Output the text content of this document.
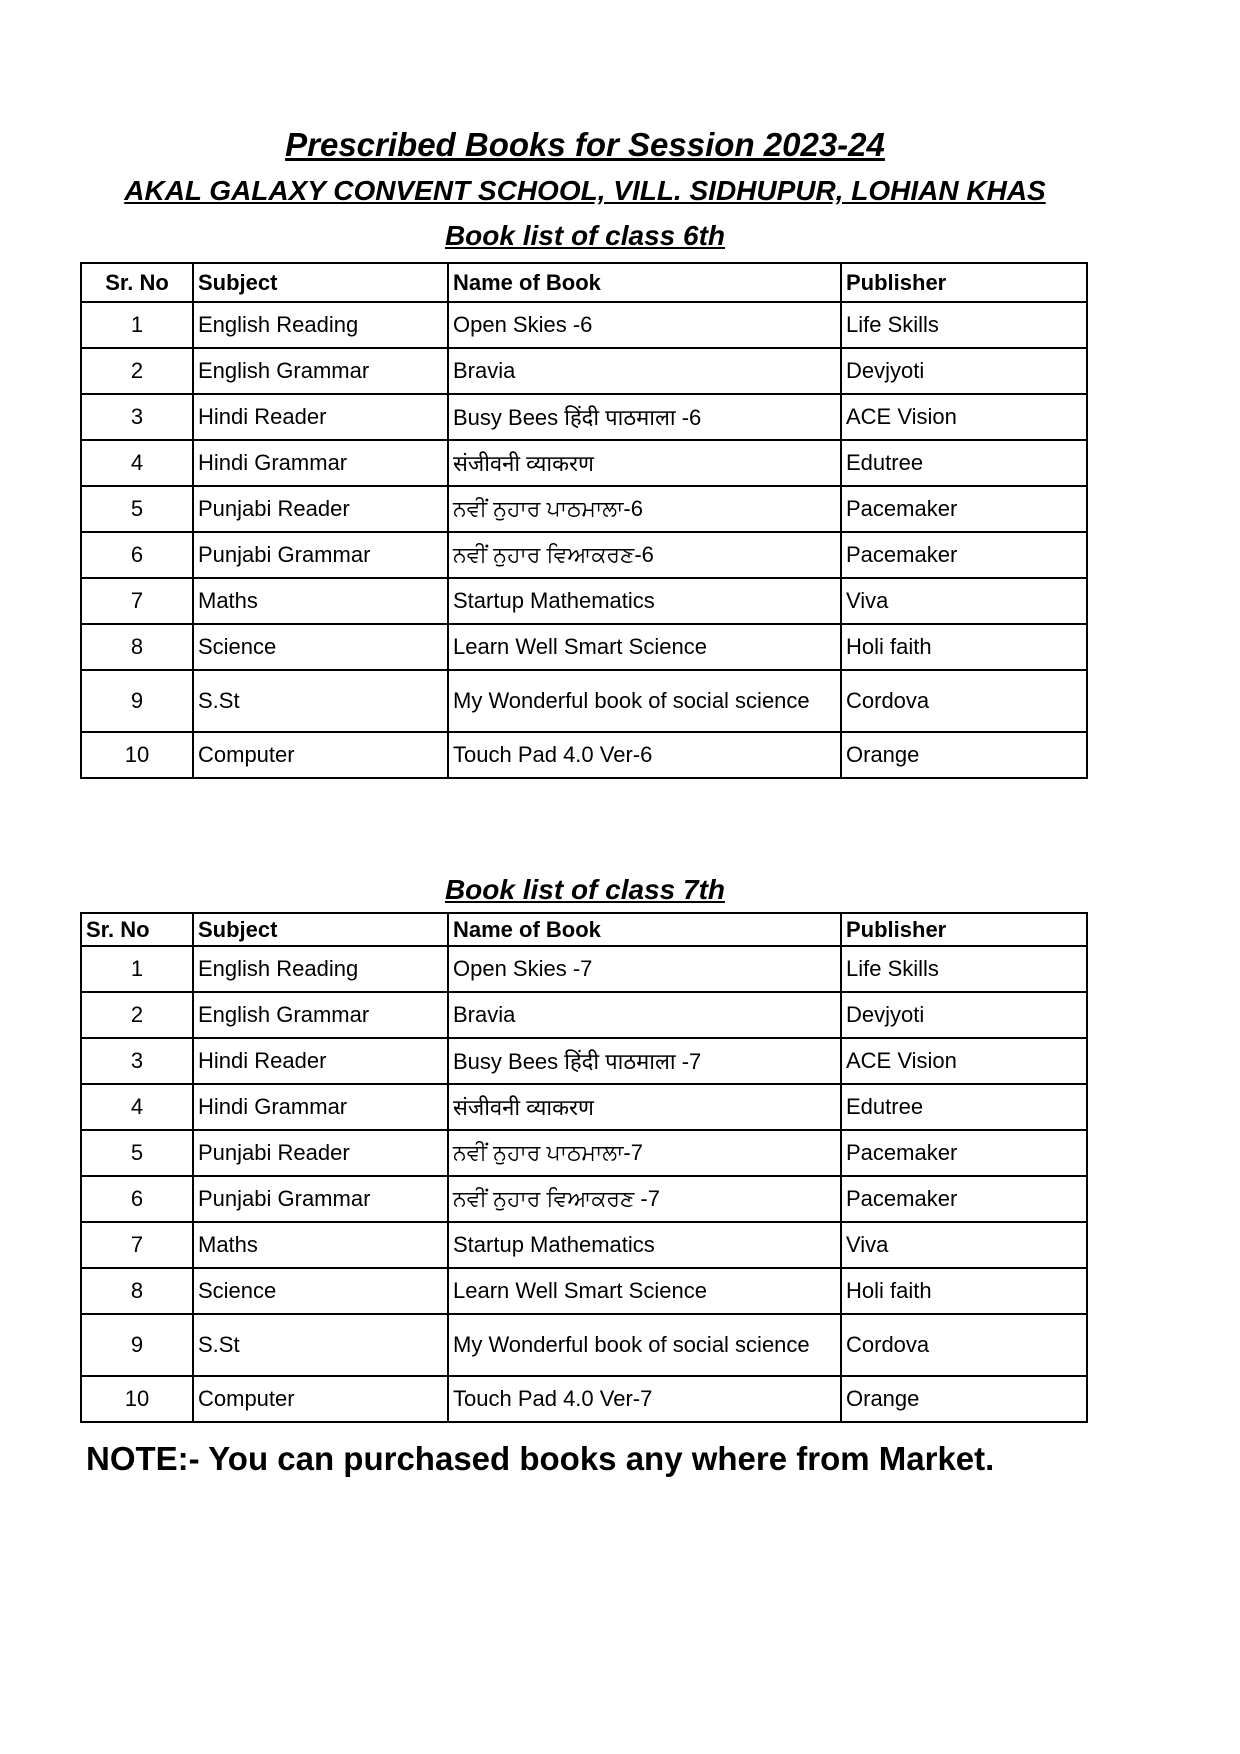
Prescribed Books for Session 2023-24
AKAL GALAXY CONVENT SCHOOL, VILL. SIDHUPUR, LOHIAN KHAS
Book list of class 6th
Sr. No	Subject	Name of Book	Publisher
1	English Reading	Open Skies -6	Life Skills
2	English Grammar	Bravia	Devjyoti
3	Hindi Reader	Busy Bees हिंदी पाठमाला -6	ACE Vision
4	Hindi Grammar	संजीवनी व्याकरण	Edutree
5	Punjabi Reader	ਨਵੀਂ ਨੁਹਾਰ ਪਾਠਮਾਲਾ-6	Pacemaker
6	Punjabi Grammar	ਨਵੀਂ ਨੁਹਾਰ ਵਿਆਕਰਣ-6	Pacemaker
7	Maths	Startup Mathematics	Viva
8	Science	Learn Well Smart Science	Holi faith
9	S.St	My Wonderful book of social science	Cordova
10	Computer	Touch Pad 4.0 Ver-6	Orange
Book list of class 7th
Sr. No	Subject	Name of Book	Publisher
1	English Reading	Open Skies -7	Life Skills
2	English Grammar	Bravia	Devjyoti
3	Hindi Reader	Busy Bees हिंदी पाठमाला -7	ACE Vision
4	Hindi Grammar	संजीवनी व्याकरण	Edutree
5	Punjabi Reader	ਨਵੀਂ ਨੁਹਾਰ ਪਾਠਮਾਲਾ-7	Pacemaker
6	Punjabi Grammar	ਨਵੀਂ ਨੁਹਾਰ ਵਿਆਕਰਣ -7	Pacemaker
7	Maths	Startup Mathematics	Viva
8	Science	Learn Well Smart Science	Holi faith
9	S.St	My Wonderful book of social science	Cordova
10	Computer	Touch Pad 4.0 Ver-7	Orange
NOTE:- You can purchased books any where from Market.
